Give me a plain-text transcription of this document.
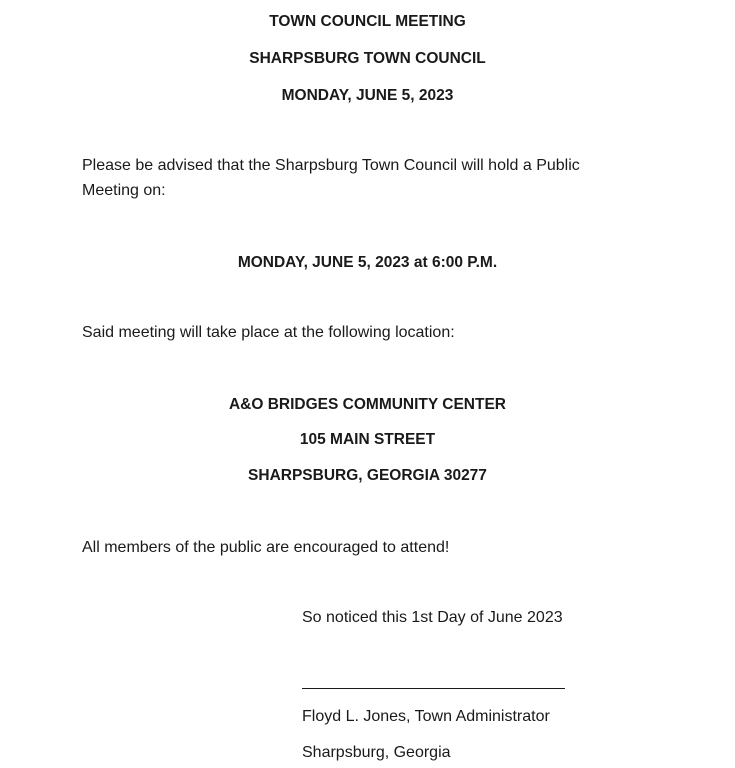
TOWN COUNCIL MEETING
SHARPSBURG TOWN COUNCIL
MONDAY, JUNE 5, 2023
Please be advised that the Sharpsburg Town Council will hold a Public
Meeting on:
MONDAY, JUNE 5, 2023 at 6:00 P.M.
Said meeting will take place at the following location:
A&O BRIDGES COMMUNITY CENTER
105 MAIN STREET
SHARPSBURG, GEORGIA 30277
All members of the public are encouraged to attend!
So noticed this 1st Day of June 2023
Floyd L. Jones, Town Administrator
Sharpsburg, Georgia
